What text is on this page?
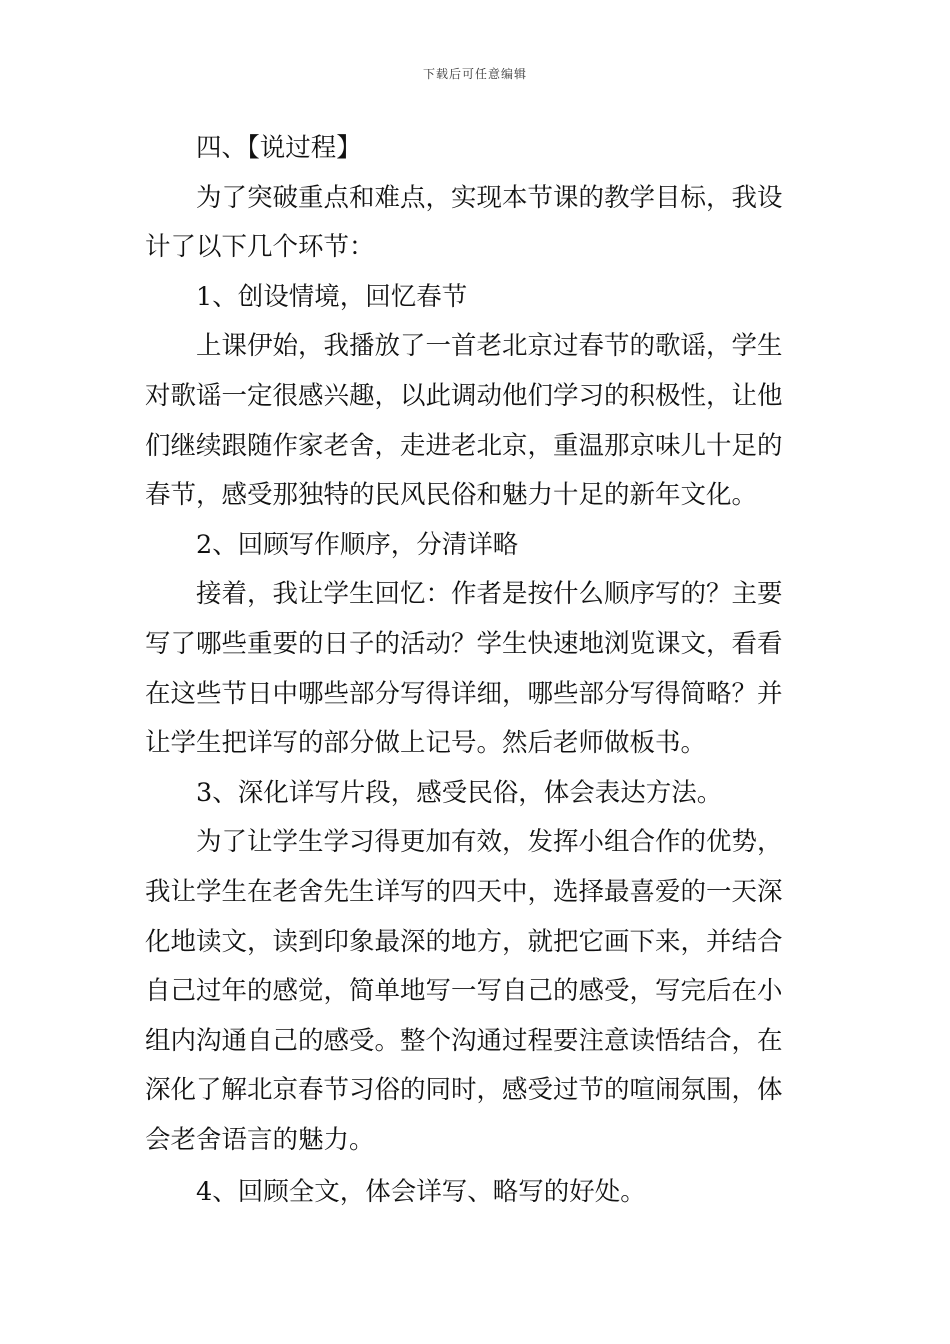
下载后可任意编辑
四、【说过程】
为了突破重点和难点，实现本节课的教学目标，我设
计了以下几个环节：
1、创设情境，回忆春节
上课伊始，我播放了一首老北京过春节的歌谣，学生
对歌谣一定很感兴趣，以此调动他们学习的积极性，让他
们继续跟随作家老舍，走进老北京，重温那京味儿十足的
春节，感受那独特的民风民俗和魅力十足的新年文化。
2、回顾写作顺序，分清详略
接着，我让学生回忆：作者是按什么顺序写的？主要
写了哪些重要的日子的活动？学生快速地浏览课文，看看
在这些节日中哪些部分写得详细，哪些部分写得简略？并
让学生把详写的部分做上记号。然后老师做板书。
3、深化详写片段，感受民俗，体会表达方法。
为了让学生学习得更加有效，发挥小组合作的优势，
我让学生在老舍先生详写的四天中，选择最喜爱的一天深
化地读文，读到印象最深的地方，就把它画下来，并结合
自己过年的感觉，简单地写一写自己的感受，写完后在小
组内沟通自己的感受。整个沟通过程要注意读悟结合，在
深化了解北京春节习俗的同时，感受过节的喧闹氛围，体
会老舍语言的魅力。
4、回顾全文，体会详写、略写的好处。
